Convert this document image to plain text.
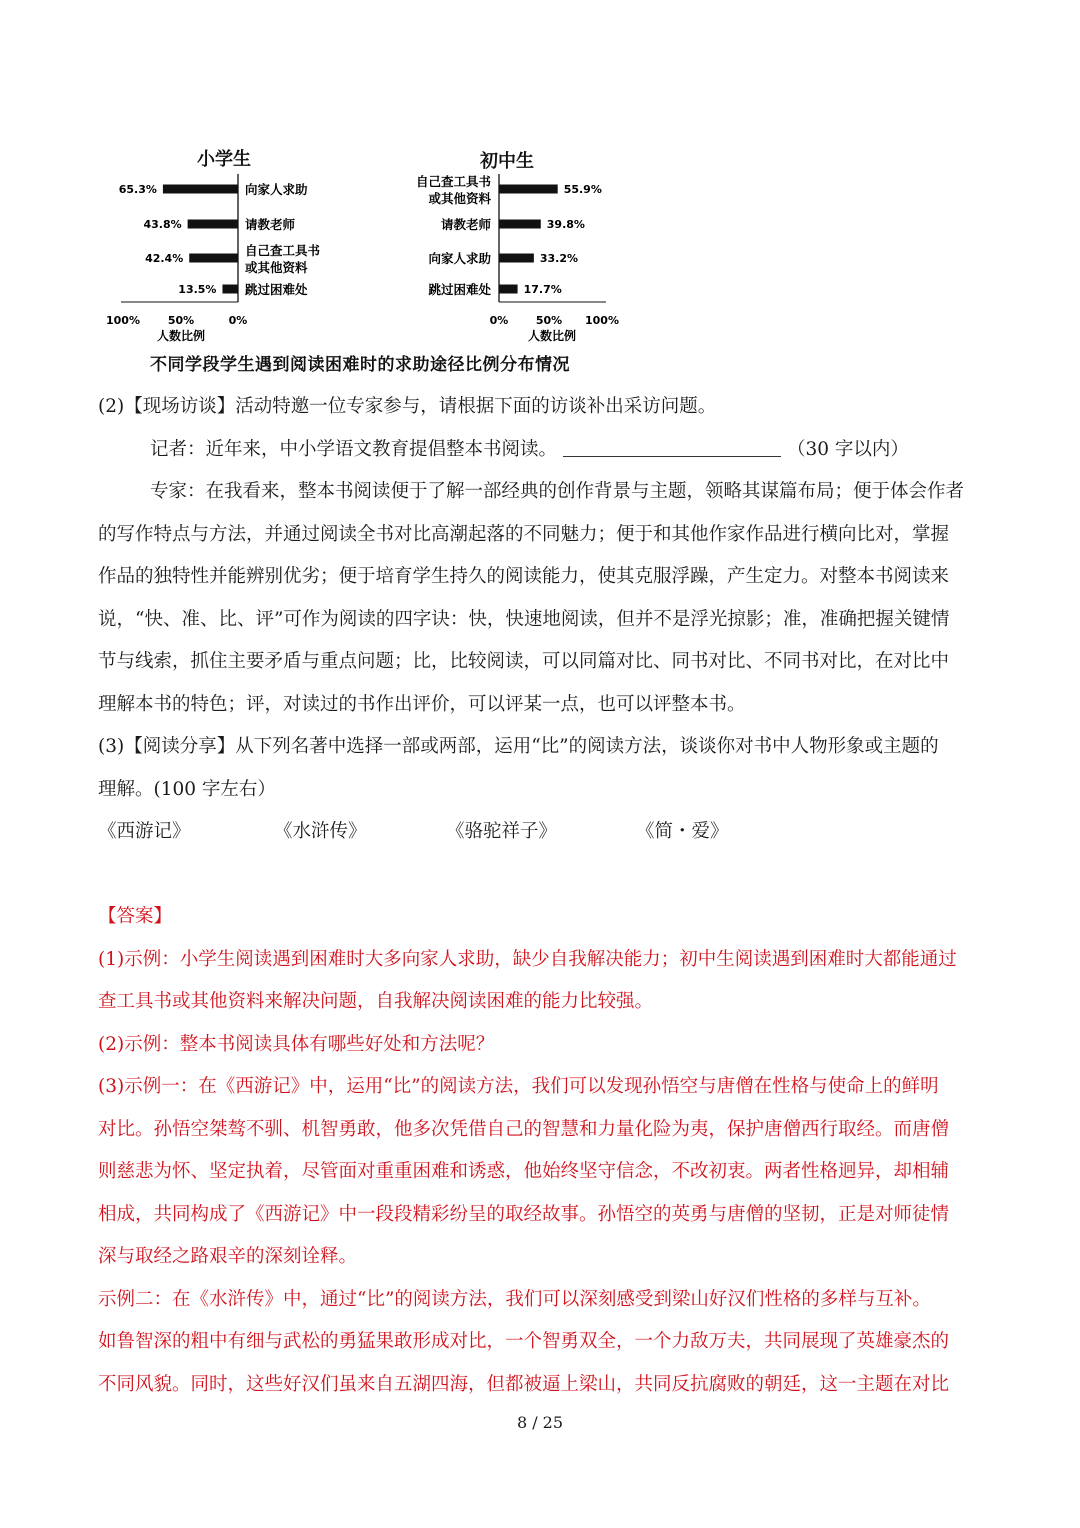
小学生	初中生
65.3%	向家人求助
43.8%	请教老师
42.4%
自己查工具书
或其他资料
13.5% 跳过困难处
100%	50%	0%
人数比例
55.9%
自己查工具书
或其他资料
39.8%
请教老师
33.2%
向家人求助
17.7%
跳过困难处
0% 50% 100%
人数比例
不同学段学生遇到阅读困难时的求助途径比例分布情况
(2)【现场访谈】活动特邀一位专家参与，请根据下面的访谈补出采访问题。
记者：近年来，中小学语文教育提倡整本书阅读。	（30 字以内）
专家：在我看来，整本书阅读便于了解一部经典的创作背景与主题，领略其谋篇布局；便于体会作者
的写作特点与方法，并通过阅读全书对比高潮起落的不同魅力；便于和其他作家作品进行横向比对，掌握
作品的独特性并能辨别优劣；便于培育学生持久的阅读能力，使其克服浮躁，产生定力。对整本书阅读来
说，“快、准、比、评”可作为阅读的四字诀：快，快速地阅读，但并不是浮光掠影；准，准确把握关键情
节与线索，抓住主要矛盾与重点问题；比，比较阅读，可以同篇对比、同书对比、不同书对比，在对比中
理解本书的特色；评，对读过的书作出评价，可以评某一点，也可以评整本书。
(3)【阅读分享】从下列名著中选择一部或两部，运用“比”的阅读方法，谈谈你对书中人物形象或主题的
理解。(100 字左右）
《西游记》	《水浒传》	《骆驼祥子》	《简・爱》
【答案】
(1)示例：小学生阅读遇到困难时大多向家人求助，缺少自我解决能力；初中生阅读遇到困难时大都能通过
查工具书或其他资料来解决问题，自我解决阅读困难的能力比较强。
(2)示例：整本书阅读具体有哪些好处和方法呢？
(3)示例一：在《西游记》中，运用“比”的阅读方法，我们可以发现孙悟空与唐僧在性格与使命上的鲜明
对比。孙悟空桀骜不驯、机智勇敢，他多次凭借自己的智慧和力量化险为夷，保护唐僧西行取经。而唐僧
则慈悲为怀、坚定执着，尽管面对重重困难和诱惑，他始终坚守信念，不改初衷。两者性格迥异，却相辅
相成，共同构成了《西游记》中一段段精彩纷呈的取经故事。孙悟空的英勇与唐僧的坚韧，正是对师徒情
深与取经之路艰辛的深刻诠释。
示例二：在《水浒传》中，通过“比”的阅读方法，我们可以深刻感受到梁山好汉们性格的多样与互补。
如鲁智深的粗中有细与武松的勇猛果敢形成对比，一个智勇双全，一个力敌万夫，共同展现了英雄豪杰的
不同风貌。同时，这些好汉们虽来自五湖四海，但都被逼上梁山，共同反抗腐败的朝廷，这一主题在对比
8 / 25
